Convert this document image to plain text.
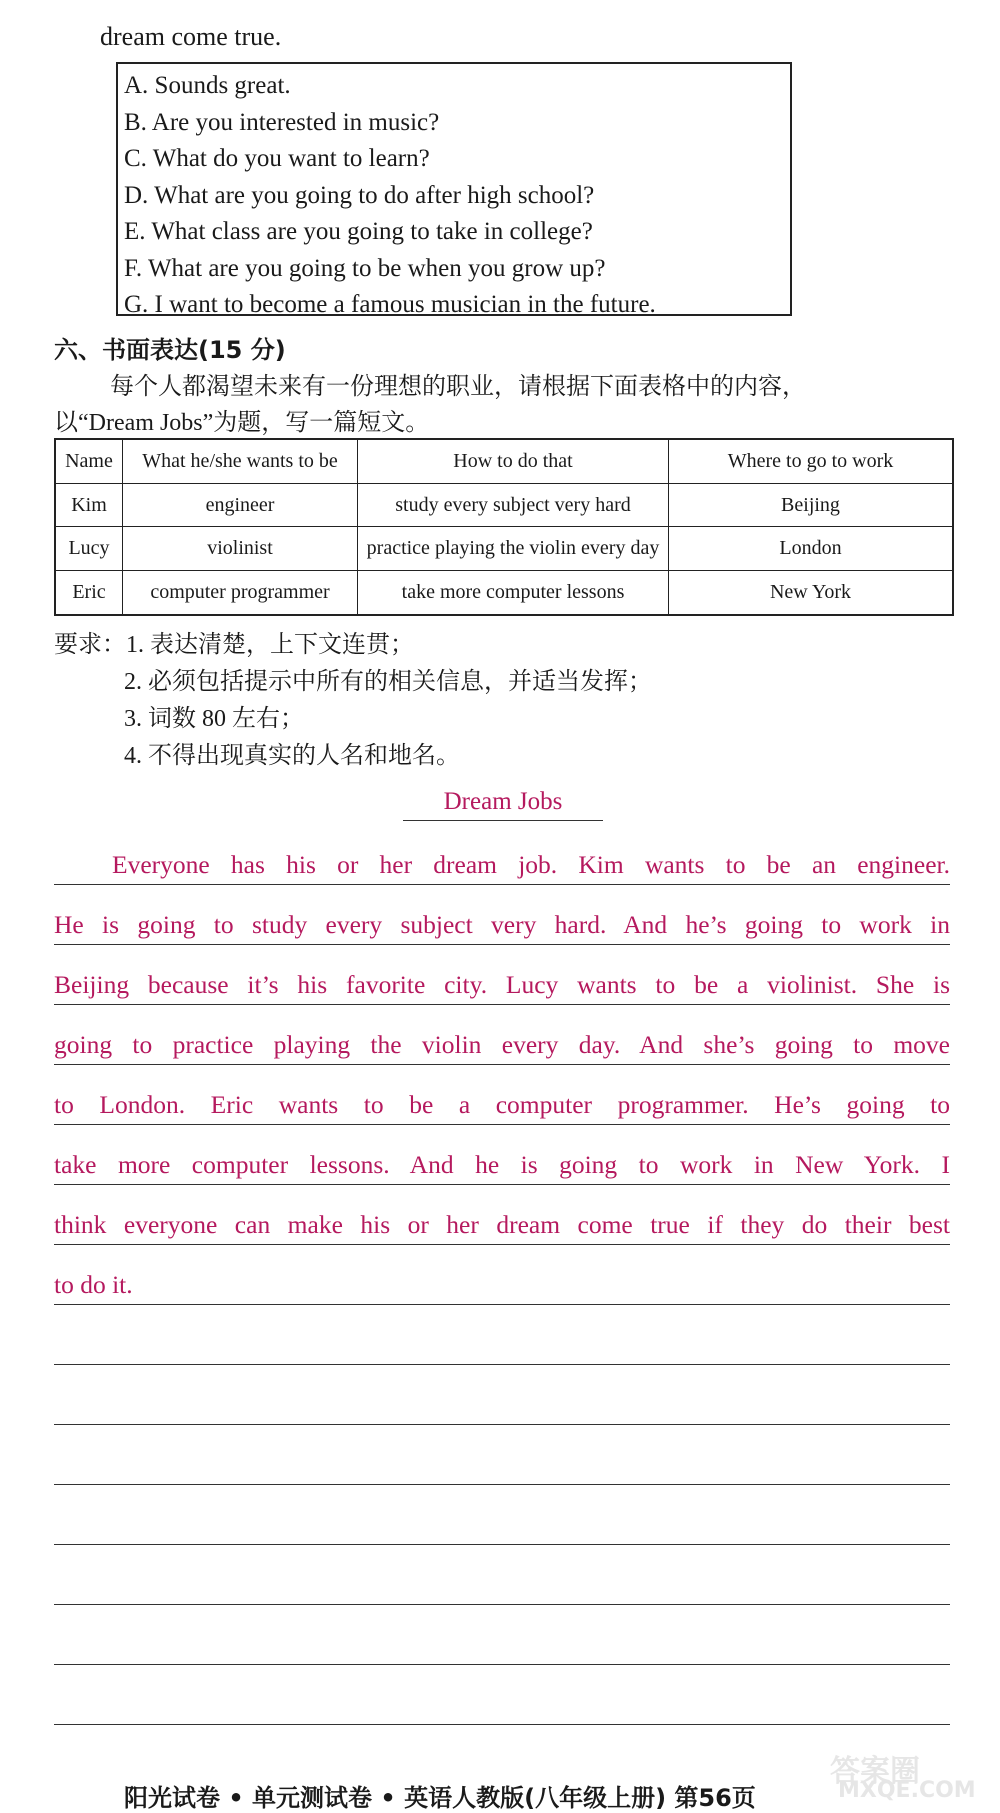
dream come true.
A. Sounds great.
B. Are you interested in music?
C. What do you want to learn?
D. What are you going to do after high school?
E. What class are you going to take in college?
F. What are you going to be when you grow up?
G. I want to become a famous musician in the future.
六、书面表达(15 分)
每个人都渴望未来有一份理想的职业，请根据下面表格中的内容，
以“Dream Jobs”为题，写一篇短文。
Name	What he/she wants to be	How to do that	Where to go to work
Kim	engineer	study every subject very hard	Beijing
Lucy	violinist	practice playing the violin every day	London
Eric	computer programmer	take more computer lessons	New York
要求：1. 表达清楚，上下文连贯；
2. 必须包括提示中所有的相关信息，并适当发挥；
3. 词数 80 左右；
4. 不得出现真实的人名和地名。
Dream Jobs
Everyone has his or her dream job. Kim wants to be an engineer.
He is going to study every subject very hard. And he’s going to work in
Beijing because it’s his favorite city. Lucy wants to be a violinist. She is
going to practice playing the violin every day. And she’s going to move
to London. Eric wants to be a computer programmer. He’s going to
take more computer lessons. And he is going to work in New York. I
think everyone can make his or her dream come true if they do their best
to do it.
阳光试卷 • 单元测试卷 • 英语人教版(八年级上册) 第56页
答案圈
MXQE.COM
